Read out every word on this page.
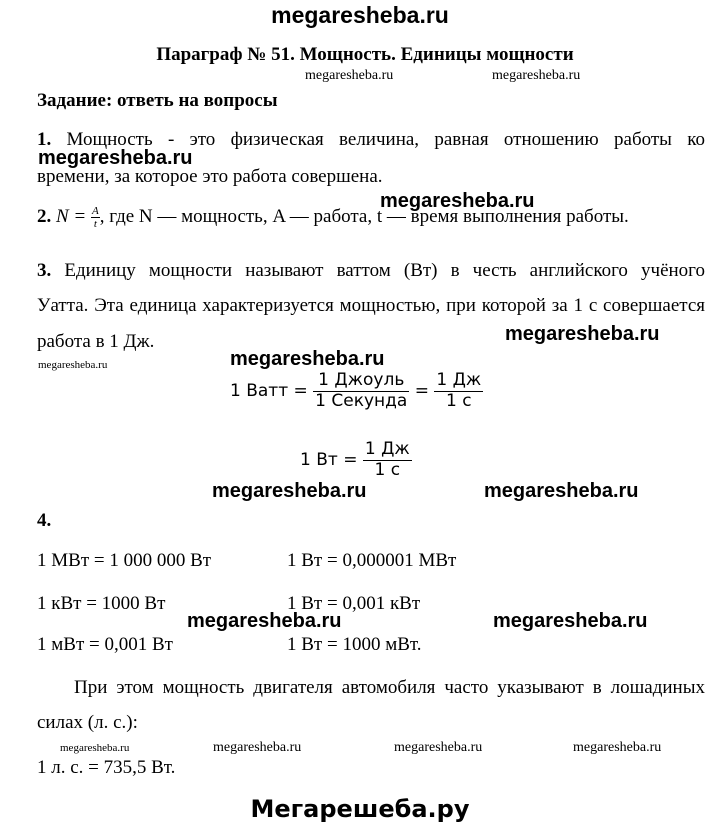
megaresheba.ru
Параграф № 51. Мощность. Единицы мощности
megaresheba.ru	megaresheba.ru
Задание: ответь на вопросы
1. Мощность - это физическая величина, равная отношению работы ко
времени, за которое это работа совершена.
megaresheba.ru
megaresheba.ru
2. $N = \frac{A}{t}$ , где N — мощность, A — работа, t — время выполнения работы.
3. Единицу мощности называют ваттом (Вт) в честь английского учёного
Уатта. Эта единица характеризуется мощностью, при которой за 1 с совершается
работа в 1 Дж.	megaresheba.ru
megaresheba.ru	megaresheba.ru
1 Ватт = $\frac{\text{1 Джоуль}}{\text{1 Секунда}} = \frac{1 Дж}{1 с}$
1 Вт = $\frac{1 Дж}{1 с}$
megaresheba.ru	megaresheba.ru
4.
1 МВт = 1 000 000 Вт	1 Вт = 0,000001 МВт
1 кВт = 1000 Вт	1 Вт = 0,001 кВт
megaresheba.ru	megaresheba.ru
1 мВт = 0,001 Вт	1 Вт = 1000 мВт.
При этом мощность двигателя автомобиля часто указывают в лошадиных
силах (л. с.):
megaresheba.ru	megaresheba.ru	megaresheba.ru	megaresheba.ru
1 л. с. = 735,5 Вт.
Мегарешеба.ру
